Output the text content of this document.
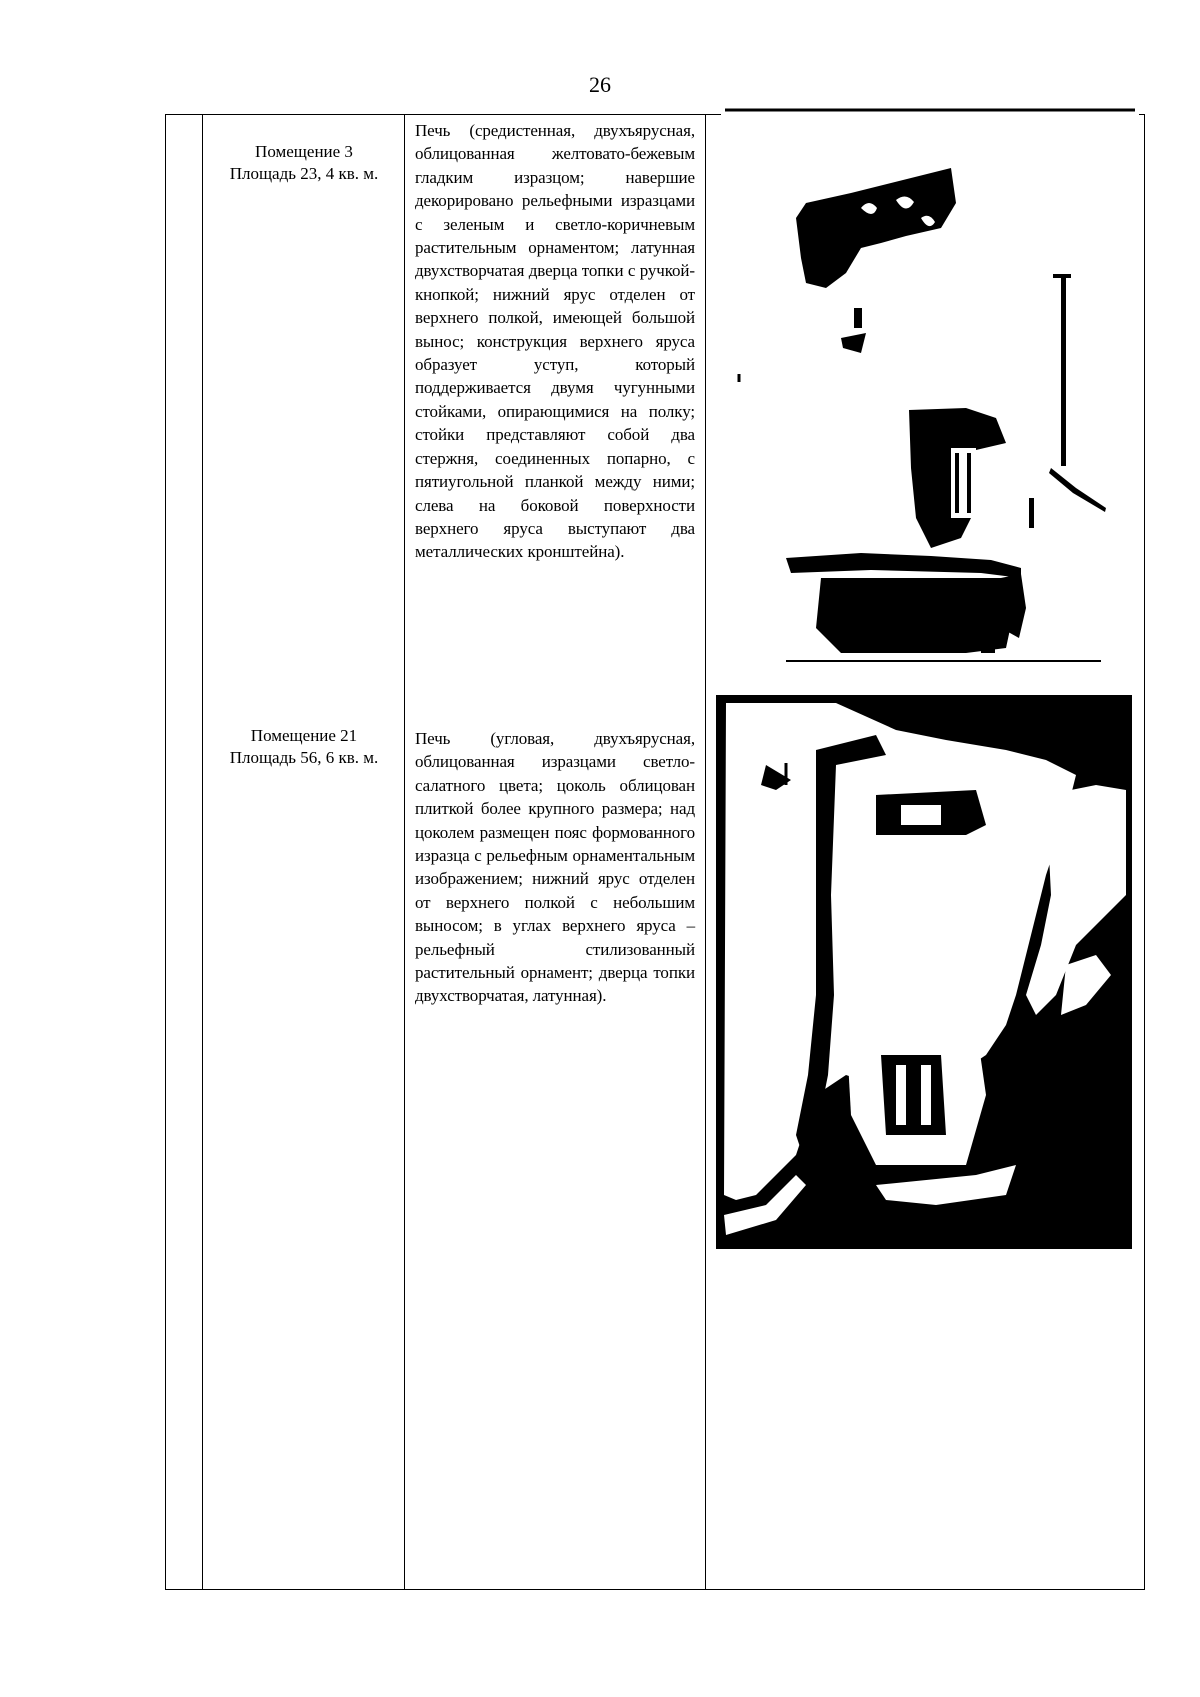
26
Помещение 3
Площадь 23, 4 кв. м.
Печь (средистенная, двухъярусная, облицованная желтовато-бежевым гладким изразцом; навершие декорировано рельефными изразцами с зеленым и светло-коричневым растительным орнаментом; латунная двухстворчатая дверца топки с ручкой-кнопкой; нижний ярус отделен от верхнего полкой, имеющей большой вынос; конструкция верхнего яруса образует уступ, который поддерживается двумя чугунными стойками, опирающимися на полку; стойки представляют собой два стержня, соединенных попарно, с пятиугольной планкой между ними; слева на боковой поверхности верхнего яруса выступают два металлических кронштейна).
Помещение 21
Площадь 56, 6 кв. м.
Печь (угловая, двухъярусная, облицованная изразцами светло-салатного цвета; цоколь облицован плиткой более крупного размера; над цоколем размещен пояс формованного изразца с рельефным орнаментальным изображением; нижний ярус отделен от верхнего полкой с небольшим выносом; в углах верхнего яруса – рельефный стилизованный растительный орнамент; дверца топки двухстворчатая, латунная).
